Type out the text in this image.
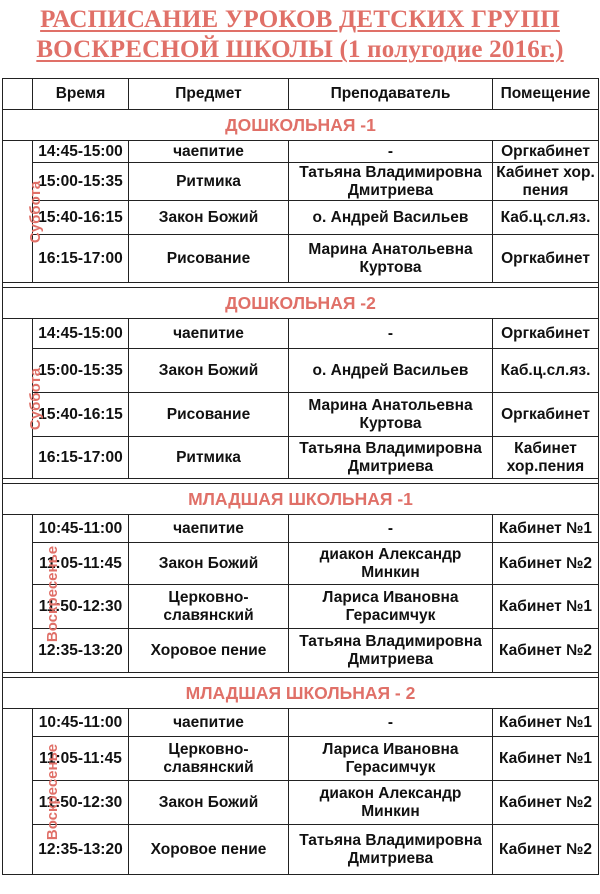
РАСПИСАНИЕ УРОКОВ ДЕТСКИХ ГРУПП
ВОСКРЕСНОЙ ШКОЛЫ (1 полугодие 2016г.)
	Время	Предмет	Преподаватель	Помещение
ДОШКОЛЬНАЯ -1				
Суббота	14:45-15:00	чаепитие	-	Оргкабинет
	15:00-15:35	Ритмика	Татьяна Владимировна Дмитриева	Кабинет хор. пения
	15:40-16:15	Закон Божий	о. Андрей Васильев	Каб.ц.сл.яз.
	16:15-17:00	Рисование	Марина Анатольевна Куртова	Оргкабинет

ДОШКОЛЬНАЯ -2				
Суббота	14:45-15:00	чаепитие	-	Оргкабинет
	15:00-15:35	Закон Божий	о. Андрей Васильев	Каб.ц.сл.яз.
	15:40-16:15	Рисование	Марина Анатольевна Куртова	Оргкабинет
	16:15-17:00	Ритмика	Татьяна Владимировна Дмитриева	Кабинет хор.пения

МЛАДШАЯ ШКОЛЬНАЯ -1				
Воскресенье	10:45-11:00	чаепитие	-	Кабинет №1
	11:05-11:45	Закон Божий	диакон Александр Минкин	Кабинет №2
	11:50-12:30	Церковно-славянский	Лариса Ивановна Герасимчук	Кабинет №1
	12:35-13:20	Хоровое пение	Татьяна Владимировна Дмитриева	Кабинет №2

МЛАДШАЯ ШКОЛЬНАЯ - 2				
Воскресенье	10:45-11:00	чаепитие	-	Кабинет №1
	11:05-11:45	Церковно-славянский	Лариса Ивановна Герасимчук	Кабинет №1
	11:50-12:30	Закон Божий	диакон Александр Минкин	Кабинет №2
	12:35-13:20	Хоровое пение	Татьяна Владимировна Дмитриева	Кабинет №2
